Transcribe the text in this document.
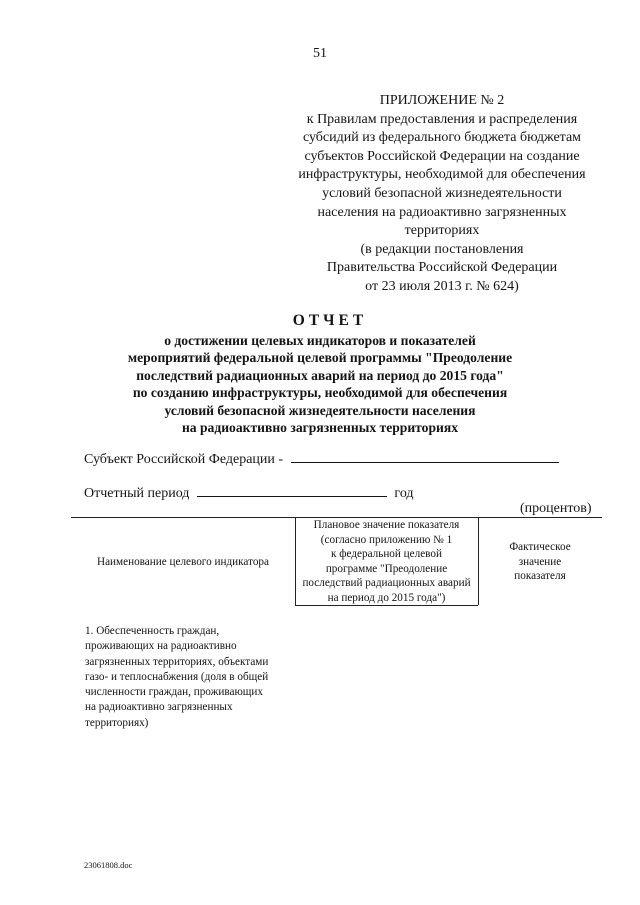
51
ПРИЛОЖЕНИЕ № 2
к Правилам предоставления и распределения
субсидий из федерального бюджета бюджетам
субъектов Российской Федерации на создание
инфраструктуры, необходимой для обеспечения
условий безопасной жизнедеятельности
населения на радиоактивно загрязненных
территориях
(в редакции постановления
Правительства Российской Федерации
от 23 июля 2013 г. № 624)
ОТЧЕТ
о достижении целевых индикаторов и показателей
мероприятий федеральной целевой программы "Преодоление
последствий радиационных аварий на период до 2015 года"
по созданию инфраструктуры, необходимой для обеспечения
условий безопасной жизнедеятельности населения
на радиоактивно загрязненных территориях
Субъект Российской Федерации -
Отчетный период	год
(процентов)
Наименование целевого индикатора
Плановое значение показателя
(согласно приложению № 1
к федеральной целевой
программе "Преодоление
последствий радиационных аварий
на период до 2015 года")
Фактическое
значение
показателя
1. Обеспеченность граждан,
проживающих на радиоактивно
загрязненных территориях, объектами
газо- и теплоснабжения (доля в общей
численности граждан, проживающих
на радиоактивно загрязненных
территориях)
23061808.doc
